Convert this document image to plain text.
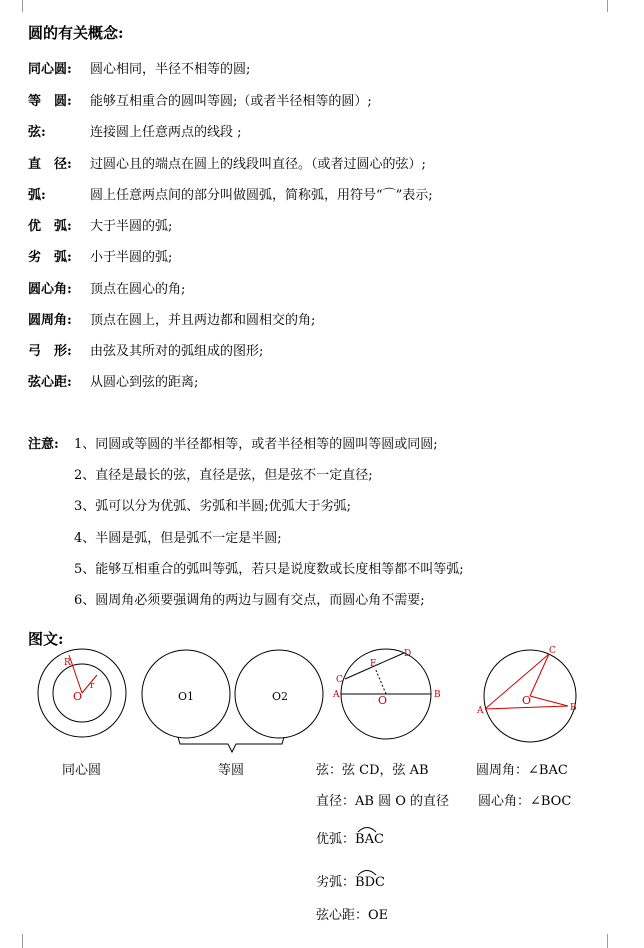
圆的有关概念:
同心圆: 圆心相同，半径不相等的圆;
等　圆: 能够互相重合的圆叫等圆;（或者半径相等的圆）;
弦:	连接圆上任意两点的线段 ;
直　径: 过圆心且的端点在圆上的线段叫直径。（或者过圆心的弦）;
弧:	圆上任意两点间的部分叫做圆弧，简称弧，用符号“⌒”表示;
优　弧: 大于半圆的弧;
劣　弧: 小于半圆的弧;
圆心角: 顶点在圆心的角;
圆周角: 顶点在圆上，并且两边都和圆相交的角;
弓　形: 由弦及其所对的弧组成的图形;
弦心距: 从圆心到弦的距离;
注意: 1、同圆或等圆的半径都相等，或者半径相等的圆叫等圆或同圆;
2、直径是最长的弦，直径是弦，但是弦不一定直径;
3、弧可以分为优弧、劣弧和半圆;优弧大于劣弧;
4、半圆是弧，但是弧不一定是半圆;
5、能够互相重合的弧叫等弧，若只是说度数或长度相等都不叫等弧;
6、圆周角必须要强调角的两边与圆有交点，而圆心角不需要;
图文:
R
r
O	O1	O2	A	B
C
D
E
O
A	B
C
O
同心圆	等圆	弦：弦 CD，弦 AB	圆周角：∠BAC
直径：AB 圆 O 的直径 圆心角：∠BOC
优弧：
BAC
劣弧：
BDC
弦心距：OE
